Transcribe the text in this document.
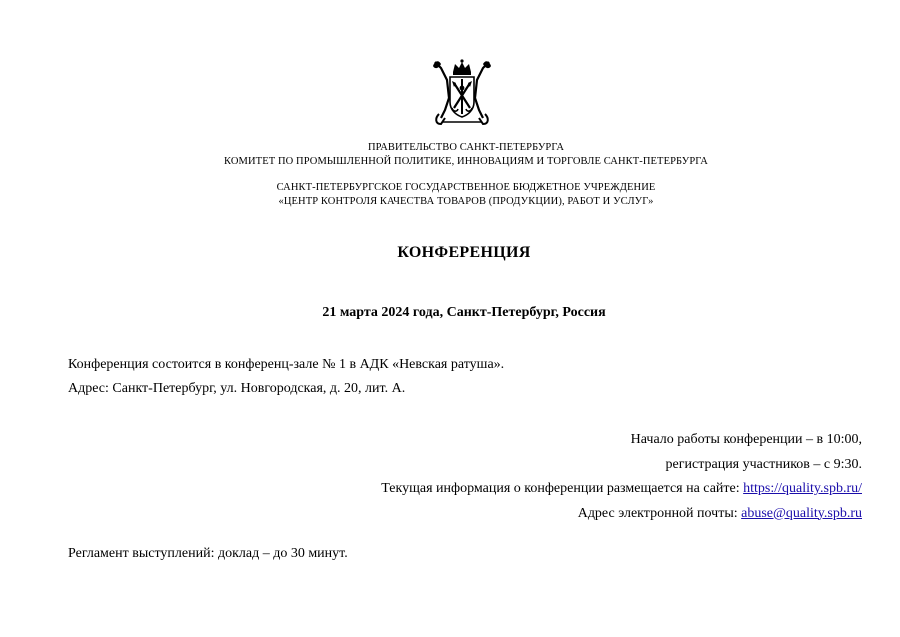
ПРАВИТЕЛЬСТВО САНКТ-ПЕТЕРБУРГА
КОМИТЕТ ПО ПРОМЫШЛЕННОЙ ПОЛИТИКЕ, ИННОВАЦИЯМ И ТОРГОВЛЕ САНКТ-ПЕТЕРБУРГА
САНКТ-ПЕТЕРБУРГСКОЕ ГОСУДАРСТВЕННОЕ БЮДЖЕТНОЕ УЧРЕЖДЕНИЕ
«ЦЕНТР КОНТРОЛЯ КАЧЕСТВА ТОВАРОВ (ПРОДУКЦИИ), РАБОТ И УСЛУГ»
КОНФЕРЕНЦИЯ
21 марта 2024 года, Санкт-Петербург, Россия
Конференция состоится в конференц-зале № 1 в АДК «Невская ратуша».
Адрес: Санкт-Петербург, ул. Новгородская, д. 20, лит. А.
Начало работы конференции – в 10:00,
регистрация участников – с 9:30.
Текущая информация о конференции размещается на сайте: https://quality.spb.ru/
Адрес электронной почты: abuse@quality.spb.ru
Регламент выступлений: доклад – до 30 минут.
